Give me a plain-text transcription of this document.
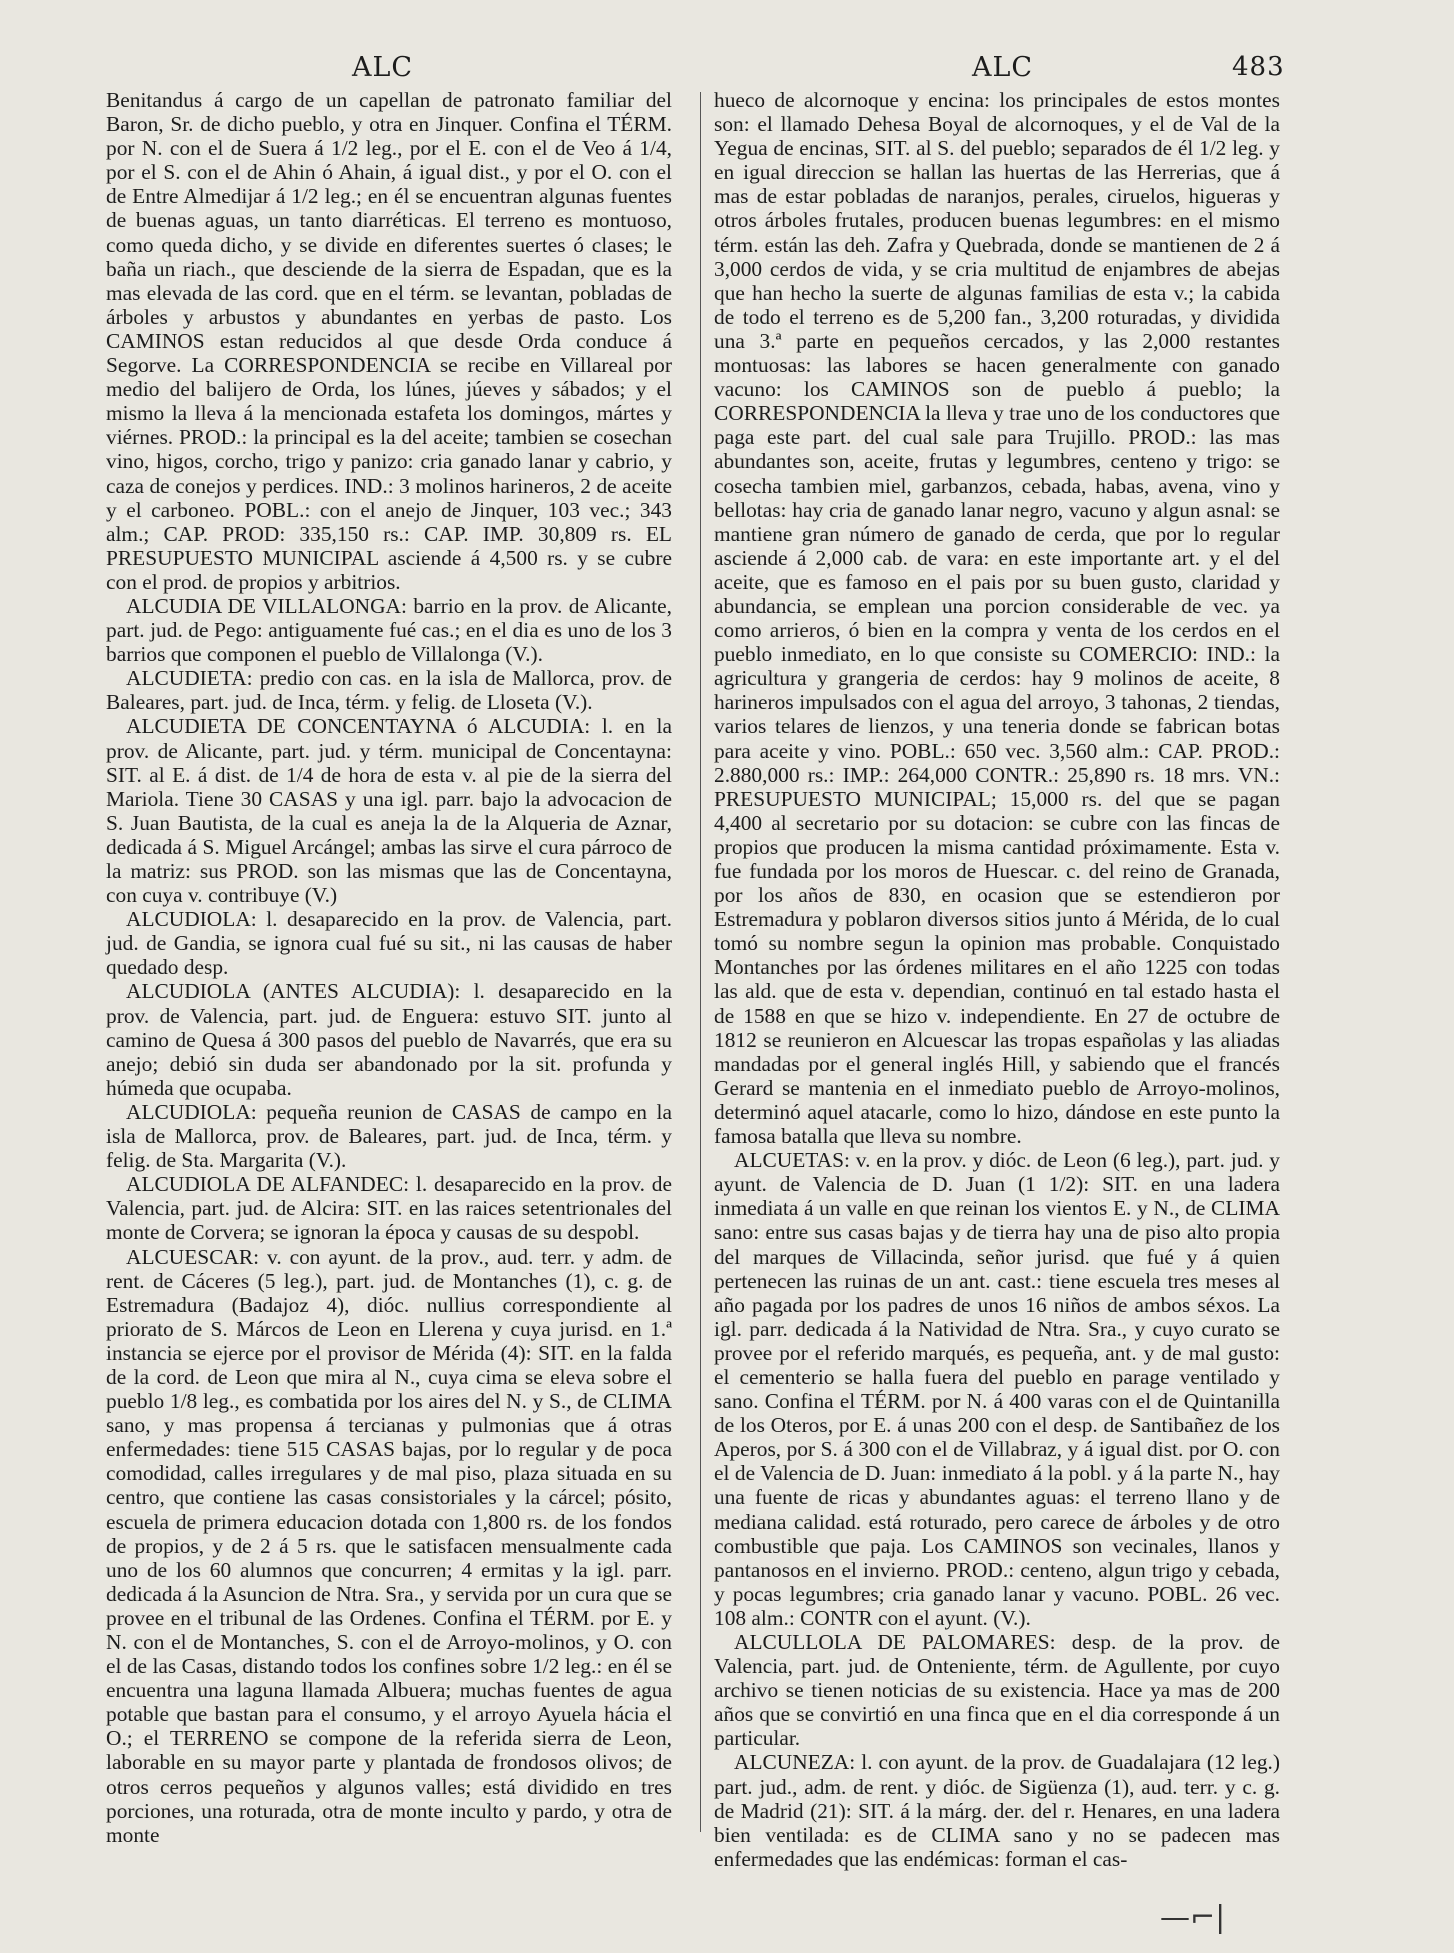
ALC	ALC	483

Benitandus á cargo de un capellan de patronato familiar del Baron, Sr. de dicho pueblo, y otra en Jinquer. Confina el TÉRM. por N. con el de Suera á 1/2 leg., por el E. con el de Veo á 1/4, por el S. con el de Ahin ó Ahain, á igual dist., y por el O. con el de Entre Almedijar á 1/2 leg.; en él se encuentran algunas fuentes de buenas aguas, un tanto diarréticas. El terreno es montuoso, como queda dicho, y se divide en diferentes suertes ó clases; le baña un riach., que desciende de la sierra de Espadan, que es la mas elevada de las cord. que en el térm. se levantan, pobladas de árboles y arbustos y abundantes en yerbas de pasto. Los CAMINOS estan reducidos al que desde Orda conduce á Segorve. La CORRESPONDENCIA se recibe en Villareal por medio del balijero de Orda, los lúnes, júeves y sábados; y el mismo la lleva á la mencionada estafeta los domingos, mártes y viérnes. PROD.: la principal es la del aceite; tambien se cosechan vino, higos, corcho, trigo y panizo: cria ganado lanar y cabrio, y caza de conejos y perdices. IND.: 3 molinos harineros, 2 de aceite y el carboneo. POBL.: con el anejo de Jinquer, 103 vec.; 343 alm.; CAP. PROD: 335,150 rs.: CAP. IMP. 30,809 rs. EL PRESUPUESTO MUNICIPAL asciende á 4,500 rs. y se cubre con el prod. de propios y arbitrios.

ALCUDIA DE VILLALONGA: barrio en la prov. de Alicante, part. jud. de Pego: antiguamente fué cas.; en el dia es uno de los 3 barrios que componen el pueblo de Villalonga (V.).

ALCUDIETA: predio con cas. en la isla de Mallorca, prov. de Baleares, part. jud. de Inca, térm. y felig. de Lloseta (V.).

ALCUDIETA DE CONCENTAYNA ó ALCUDIA: l. en la prov. de Alicante, part. jud. y térm. municipal de Concentayna: SIT. al E. á dist. de 1/4 de hora de esta v. al pie de la sierra del Mariola. Tiene 30 CASAS y una igl. parr. bajo la advocacion de S. Juan Bautista, de la cual es aneja la de la Alqueria de Aznar, dedicada á S. Miguel Arcángel; ambas las sirve el cura párroco de la matriz: sus PROD. son las mismas que las de Concentayna, con cuya v. contribuye (V.)

ALCUDIOLA: l. desaparecido en la prov. de Valencia, part. jud. de Gandia, se ignora cual fué su sit., ni las causas de haber quedado desp.

ALCUDIOLA (ANTES ALCUDIA): l. desaparecido en la prov. de Valencia, part. jud. de Enguera: estuvo SIT. junto al camino de Quesa á 300 pasos del pueblo de Navarrés, que era su anejo; debió sin duda ser abandonado por la sit. profunda y húmeda que ocupaba.

ALCUDIOLA: pequeña reunion de CASAS de campo en la isla de Mallorca, prov. de Baleares, part. jud. de Inca, térm. y felig. de Sta. Margarita (V.).

ALCUDIOLA DE ALFANDEC: l. desaparecido en la prov. de Valencia, part. jud. de Alcira: SIT. en las raices setentrionales del monte de Corvera; se ignoran la época y causas de su despobl.

ALCUESCAR: v. con ayunt. de la prov., aud. terr. y adm. de rent. de Cáceres (5 leg.), part. jud. de Montanches (1), c. g. de Estremadura (Badajoz 4), dióc. nullius correspondiente al priorato de S. Márcos de Leon en Llerena y cuya jurisd. en 1.ª instancia se ejerce por el provisor de Mérida (4): SIT. en la falda de la cord. de Leon que mira al N., cuya cima se eleva sobre el pueblo 1/8 leg., es combatida por los aires del N. y S., de CLIMA sano, y mas propensa á tercianas y pulmonias que á otras enfermedades: tiene 515 CASAS bajas, por lo regular y de poca comodidad, calles irregulares y de mal piso, plaza situada en su centro, que contiene las casas consistoriales y la cárcel; pósito, escuela de primera educacion dotada con 1,800 rs. de los fondos de propios, y de 2 á 5 rs. que le satisfacen mensualmente cada uno de los 60 alumnos que concurren; 4 ermitas y la igl. parr. dedicada á la Asuncion de Ntra. Sra., y servida por un cura que se provee en el tribunal de las Ordenes. Confina el TÉRM. por E. y N. con el de Montanches, S. con el de Arroyo-molinos, y O. con el de las Casas, distando todos los confines sobre 1/2 leg.: en él se encuentra una laguna llamada Albuera; muchas fuentes de agua potable que bastan para el consumo, y el arroyo Ayuela hácia el O.; el TERRENO se compone de la referida sierra de Leon, laborable en su mayor parte y plantada de frondosos olivos; de otros cerros pequeños y algunos valles; está dividido en tres porciones, una roturada, otra de monte inculto y pardo, y otra de monte

hueco de alcornoque y encina: los principales de estos montes son: el llamado Dehesa Boyal de alcornoques, y el de Val de la Yegua de encinas, SIT. al S. del pueblo; separados de él 1/2 leg. y en igual direccion se hallan las huertas de las Herrerias, que á mas de estar pobladas de naranjos, perales, ciruelos, higueras y otros árboles frutales, producen buenas legumbres: en el mismo térm. están las deh. Zafra y Quebrada, donde se mantienen de 2 á 3,000 cerdos de vida, y se cria multitud de enjambres de abejas que han hecho la suerte de algunas familias de esta v.; la cabida de todo el terreno es de 5,200 fan., 3,200 roturadas, y dividida una 3.ª parte en pequeños cercados, y las 2,000 restantes montuosas: las labores se hacen generalmente con ganado vacuno: los CAMINOS son de pueblo á pueblo; la CORRESPONDENCIA la lleva y trae uno de los conductores que paga este part. del cual sale para Trujillo. PROD.: las mas abundantes son, aceite, frutas y legumbres, centeno y trigo: se cosecha tambien miel, garbanzos, cebada, habas, avena, vino y bellotas: hay cria de ganado lanar negro, vacuno y algun asnal: se mantiene gran número de ganado de cerda, que por lo regular asciende á 2,000 cab. de vara: en este importante art. y el del aceite, que es famoso en el pais por su buen gusto, claridad y abundancia, se emplean una porcion considerable de vec. ya como arrieros, ó bien en la compra y venta de los cerdos en el pueblo inmediato, en lo que consiste su COMERCIO: IND.: la agricultura y grangeria de cerdos: hay 9 molinos de aceite, 8 harineros impulsados con el agua del arroyo, 3 tahonas, 2 tiendas, varios telares de lienzos, y una teneria donde se fabrican botas para aceite y vino. POBL.: 650 vec. 3,560 alm.: CAP. PROD.: 2.880,000 rs.: IMP.: 264,000 CONTR.: 25,890 rs. 18 mrs. VN.: PRESUPUESTO MUNICIPAL; 15,000 rs. del que se pagan 4,400 al secretario por su dotacion: se cubre con las fincas de propios que producen la misma cantidad próximamente. Esta v. fue fundada por los moros de Huescar. c. del reino de Granada, por los años de 830, en ocasion que se estendieron por Estremadura y poblaron diversos sitios junto á Mérida, de lo cual tomó su nombre segun la opinion mas probable. Conquistado Montanches por las órdenes militares en el año 1225 con todas las ald. que de esta v. dependian, continuó en tal estado hasta el de 1588 en que se hizo v. independiente. En 27 de octubre de 1812 se reunieron en Alcuescar las tropas españolas y las aliadas mandadas por el general inglés Hill, y sabiendo que el francés Gerard se mantenia en el inmediato pueblo de Arroyo-molinos, determinó aquel atacarle, como lo hizo, dándose en este punto la famosa batalla que lleva su nombre.

ALCUETAS: v. en la prov. y dióc. de Leon (6 leg.), part. jud. y ayunt. de Valencia de D. Juan (1 1/2): SIT. en una ladera inmediata á un valle en que reinan los vientos E. y N., de CLIMA sano: entre sus casas bajas y de tierra hay una de piso alto propia del marques de Villacinda, señor jurisd. que fué y á quien pertenecen las ruinas de un ant. cast.: tiene escuela tres meses al año pagada por los padres de unos 16 niños de ambos séxos. La igl. parr. dedicada á la Natividad de Ntra. Sra., y cuyo curato se provee por el referido marqués, es pequeña, ant. y de mal gusto: el cementerio se halla fuera del pueblo en parage ventilado y sano. Confina el TÉRM. por N. á 400 varas con el de Quintanilla de los Oteros, por E. á unas 200 con el desp. de Santibañez de los Aperos, por S. á 300 con el de Villabraz, y á igual dist. por O. con el de Valencia de D. Juan: inmediato á la pobl. y á la parte N., hay una fuente de ricas y abundantes aguas: el terreno llano y de mediana calidad. está roturado, pero carece de árboles y de otro combustible que paja. Los CAMINOS son vecinales, llanos y pantanosos en el invierno. PROD.: centeno, algun trigo y cebada, y pocas legumbres; cria ganado lanar y vacuno. POBL. 26 vec. 108 alm.: CONTR con el ayunt. (V.).

ALCULLOLA DE PALOMARES: desp. de la prov. de Valencia, part. jud. de Onteniente, térm. de Agullente, por cuyo archivo se tienen noticias de su existencia. Hace ya mas de 200 años que se convirtió en una finca que en el dia corresponde á un particular.

ALCUNEZA: l. con ayunt. de la prov. de Guadalajara (12 leg.) part. jud., adm. de rent. y dióc. de Sigüenza (1), aud. terr. y c. g. de Madrid (21): SIT. á la márg. der. del r. Henares, en una ladera bien ventilada: es de CLIMA sano y no se padecen mas enfermedades que las endémicas: forman el cas-

—⌐|
